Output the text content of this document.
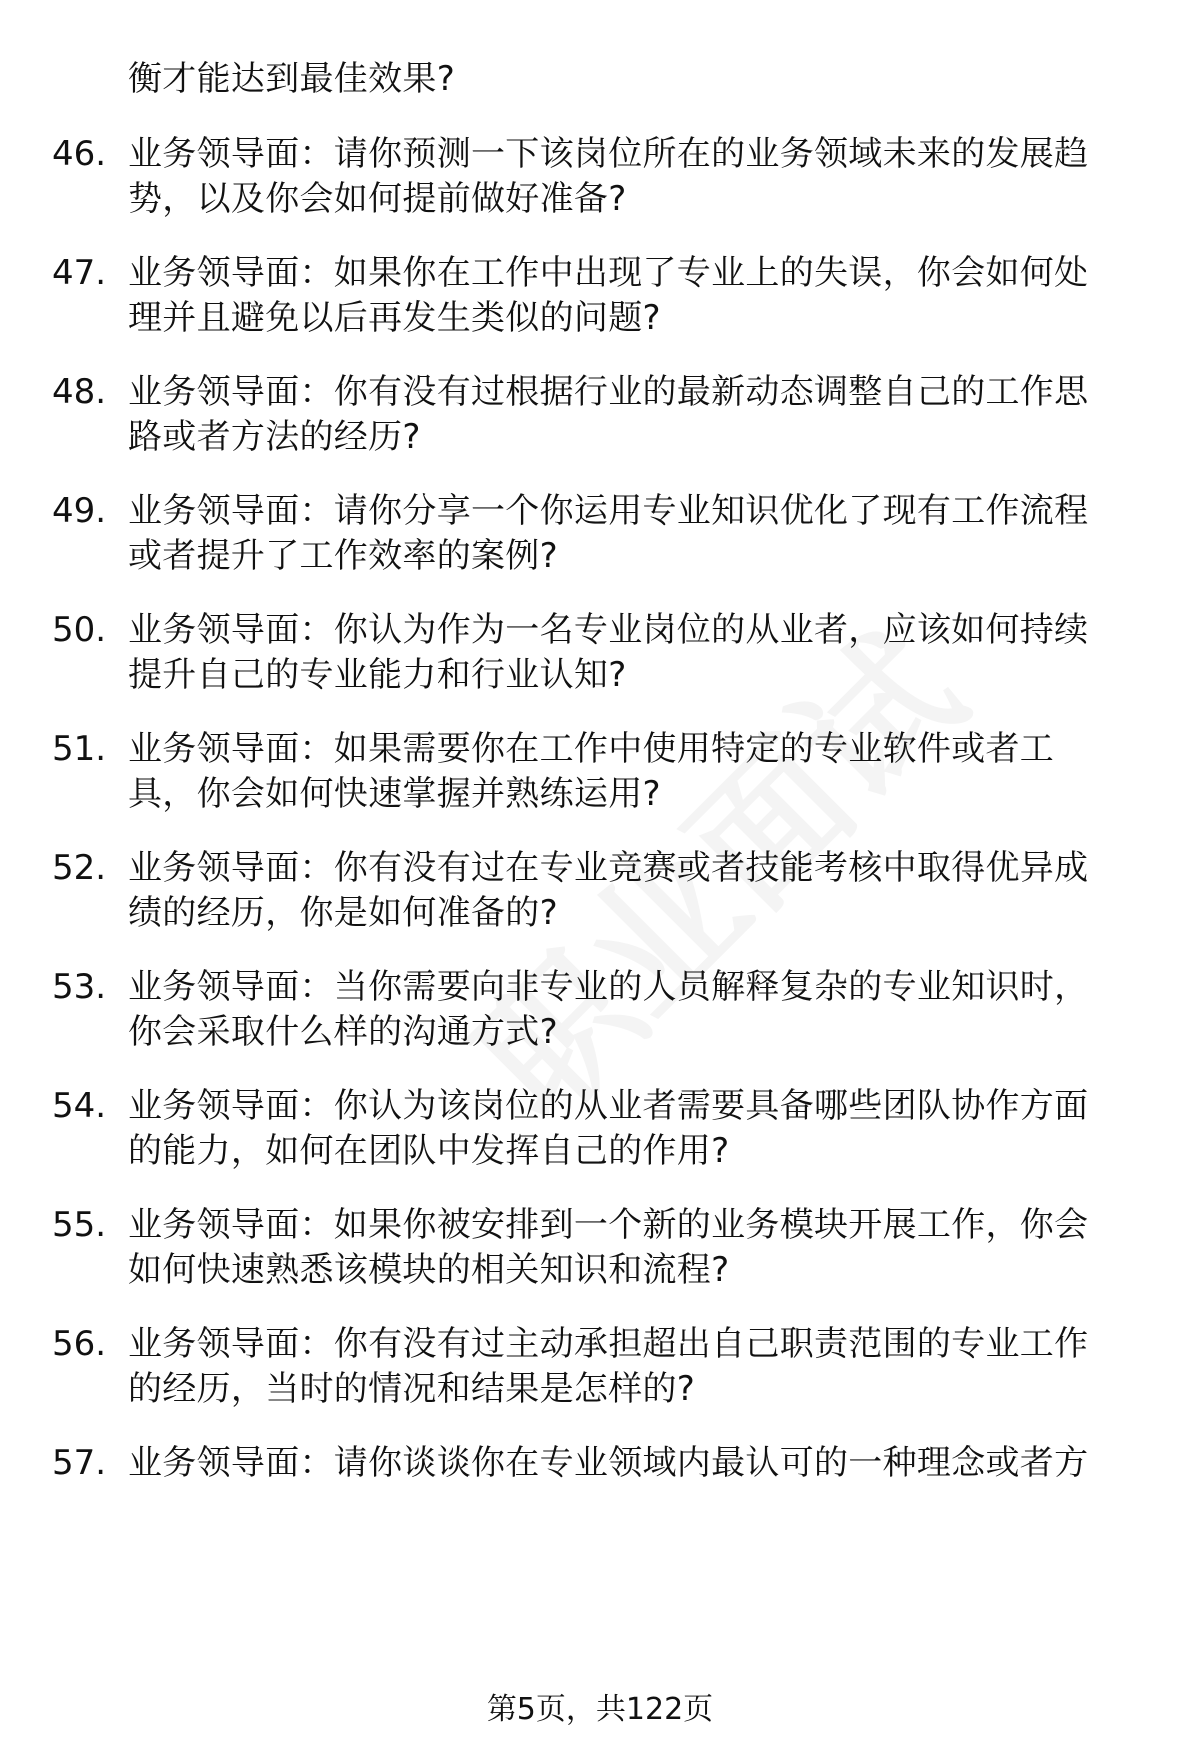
衡才能达到最佳效果?
46. 业务领导面：请你预测一下该岗位所在的业务领域未来的发展趋
势，以及你会如何提前做好准备?
47. 业务领导面：如果你在工作中出现了专业上的失误，你会如何处
理并且避免以后再发生类似的问题?
48. 业务领导面：你有没有过根据行业的最新动态调整自己的工作思
路或者方法的经历?
49. 业务领导面：请你分享一个你运用专业知识优化了现有工作流程
或者提升了工作效率的案例?
50. 业务领导面：你认为作为一名专业岗位的从业者，应该如何持续
提升自己的专业能力和行业认知?
51. 业务领导面：如果需要你在工作中使用特定的专业软件或者工
具，你会如何快速掌握并熟练运用?
52. 业务领导面：你有没有过在专业竞赛或者技能考核中取得优异成
绩的经历，你是如何准备的?
53. 业务领导面：当你需要向非专业的人员解释复杂的专业知识时，
你会采取什么样的沟通方式?
54. 业务领导面：你认为该岗位的从业者需要具备哪些团队协作方面
的能力，如何在团队中发挥自己的作用?
55. 业务领导面：如果你被安排到一个新的业务模块开展工作，你会
如何快速熟悉该模块的相关知识和流程?
56. 业务领导面：你有没有过主动承担超出自己职责范围的专业工作
的经历，当时的情况和结果是怎样的?
57. 业务领导面：请你谈谈你在专业领域内最认可的一种理念或者方
第5页，共122页
